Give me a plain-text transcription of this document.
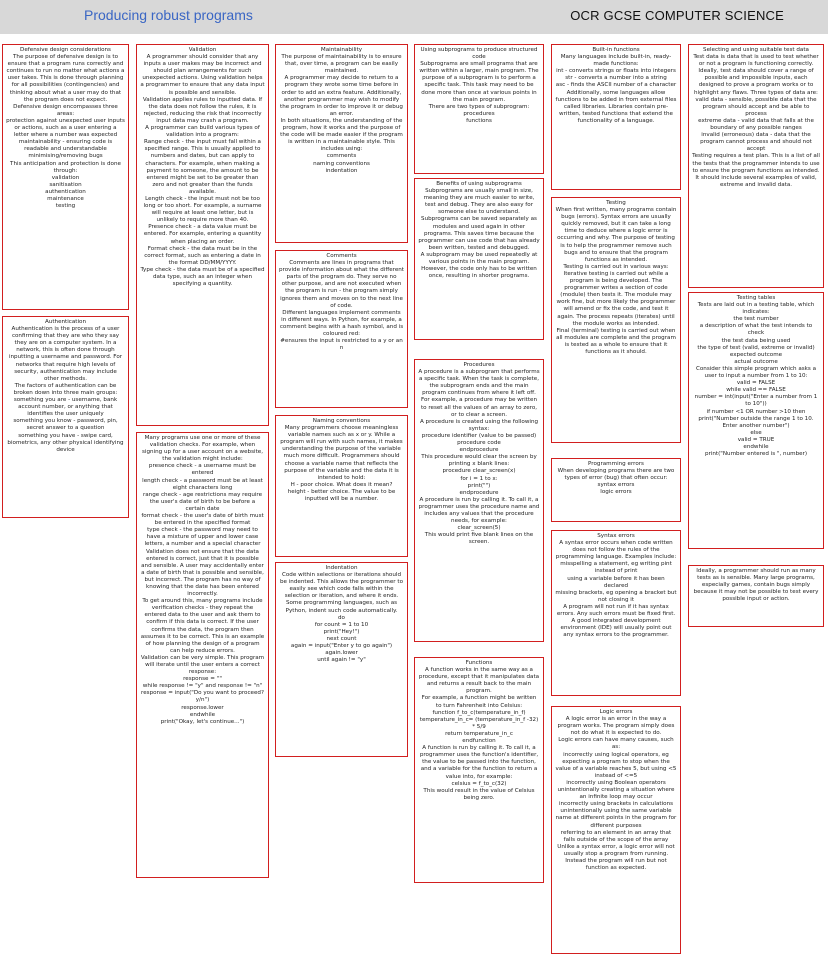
Producing robust programs	OCR GCSE COMPUTER SCIENCE
Defensive design considerations
The purpose of defensive design is to ensure that a program runs correctly and continues to run no matter what actions a user takes. This is done through planning for all possibilities (contingencies) and thinking about what a user may do that the program does not expect.
Defensive design encompasses three areas:
protection against unexpected user inputs or actions, such as a user entering a letter where a number was expected
maintainability - ensuring code is readable and understandable
minimising/removing bugs
This anticipation and protection is done through:
validation
sanitisation
authentication
maintenance
testing
Authentication
Authentication is the process of a user confirming that they are who they say they are on a computer system. In a network, this is often done through inputting a username and password. For networks that require high levels of security, authentication may include other methods.
The factors of authentication can be broken down into three main groups:
something you are - username, bank account number, or anything that identifies the user uniquely
something you know - password, pin, secret answer to a question
something you have - swipe card, biometrics, any other physical identifying device
Validation
A programmer should consider that any inputs a user makes may be incorrect and should plan arrangements for such unexpected actions. Using validation helps a programmer to ensure that any data input is possible and sensible.
Validation applies rules to inputted data. If the data does not follow the rules, it is rejected, reducing the risk that incorrectly input data may crash a program.
A programmer can build various types of validation into a program:
Range check - the input must fall within a specified range. This is usually applied to numbers and dates, but can apply to characters. For example, when making a payment to someone, the amount to be entered might be set to be greater than zero and not greater than the funds available.
Length check - the input must not be too long or too short. For example, a surname will require at least one letter, but is unlikely to require more than 40.
Presence check - a data value must be entered. For example, entering a quantity when placing an order.
Format check - the data must be in the correct format, such as entering a date in the format DD/MM/YYYY.
Type check - the data must be of a specified data type, such as an integer when specifying a quantity.
Many programs use one or more of these validation checks. For example, when signing up for a user account on a website, the validation might include:
presence check - a username must be entered
length check - a password must be at least eight characters long
range check - age restrictions may require the user's date of birth to be before a certain date
format check - the user's date of birth must be entered in the specified format
type check - the password may need to have a mixture of upper and lower case letters, a number and a special character
Validation does not ensure that the data entered is correct, just that it is possible and sensible. A user may accidentally enter a date of birth that is possible and sensible, but incorrect. The program has no way of knowing that the date has been entered incorrectly.
To get around this, many programs include verification checks - they repeat the entered data to the user and ask them to confirm if this data is correct. If the user confirms the data, the program then assumes it to be correct. This is an example of how planning the design of a program can help reduce errors.
Validation can be very simple. This program will iterate until the user enters a correct response:
response = ""
while response != "y" and response != "n"
response = input("Do you want to proceed? y/n")
response.lower
endwhile
print("Okay, let's continue...")
Maintainability
The purpose of maintainability is to ensure that, over time, a program can be easily maintained.
A programmer may decide to return to a program they wrote some time before in order to add an extra feature. Additionally, another programmer may wish to modify the program in order to improve it or debug an error.
In both situations, the understanding of the program, how it works and the purpose of the code will be made easier if the program is written in a maintainable style. This includes using:
comments
naming conventions
indentation
Comments
Comments are lines in programs that provide information about what the different parts of the program do. They serve no other purpose, and are not executed when the program is run - the program simply ignores them and moves on to the next line of code.
Different languages implement comments in different ways. In Python, for example, a comment begins with a hash symbol, and is coloured red:
#ensures the input is restricted to a y or an n
Naming conventions
Many programmers choose meaningless variable names such as x or y. While a program will run with such names, it makes understanding the purpose of the variable much more difficult. Programmers should choose a variable name that reflects the purpose of the variable and the data it is intended to hold:
H - poor choice. What does it mean?
height - better choice. The value to be inputted will be a number.
Indentation
Code within selections or iterations should be indented. This allows the programmer to easily see which code falls within the selection or iteration, and where it ends.
Some programming languages, such as Python, indent such code automatically.
do
for count = 1 to 10
print("Hey!")
next count
again = input("Enter y to go again")
again.lower
until again != "y"
Using subprograms to produce structured code
Subprograms are small programs that are written within a larger, main program. The purpose of a subprogram is to perform a specific task. This task may need to be done more than once at various points in the main program.
There are two types of subprogram:
procedures
functions
Benefits of using subprograms
Subprograms are usually small in size, meaning they are much easier to write, test and debug. They are also easy for someone else to understand.
Subprograms can be saved separately as modules and used again in other programs. This saves time because the programmer can use code that has already been written, tested and debugged.
A subprogram may be used repeatedly at various points in the main program. However, the code only has to be written once, resulting in shorter programs.
Procedures
A procedure is a subprogram that performs a specific task. When the task is complete, the subprogram ends and the main program continues from where it left off. For example, a procedure may be written to reset all the values of an array to zero, or to clear a screen.
A procedure is created using the following syntax:
procedure identifier (value to be passed)
procedure code
endprocedure
This procedure would clear the screen by printing x blank lines:
procedure clear_screen(x)
for i = 1 to x:
print("")
endprocedure
A procedure is run by calling it. To call it, a programmer uses the procedure name and includes any values that the procedure needs, for example:
clear_screen(5)
This would print five blank lines on the screen.
Functions
A function works in the same way as a procedure, except that it manipulates data and returns a result back to the main program.
For example, a function might be written to turn Fahrenheit into Celsius:
function f_to_c(temperature_in_f)
temperature_in_c= (temperature_in_f -32) * 5/9
return temperature_in_c
endfunction
A function is run by calling it. To call it, a programmer uses the function's identifier, the value to be passed into the function, and a variable for the function to return a value into, for example:
celsius = f_to_c(32)
This would result in the value of Celsius being zero.
Built-in functions
Many languages include built-in, ready-made functions:
int - converts strings or floats into integers
str - converts a number into a string
asc - finds the ASCII number of a character
Additionally, some languages allow functions to be added in from external files called libraries. Libraries contain pre-written, tested functions that extend the functionality of a language.
Testing
When first written, many programs contain bugs (errors). Syntax errors are usually quickly removed, but it can take a long time to deduce where a logic error is occurring and why. The purpose of testing is to help the programmer remove such bugs and to ensure that the program functions as intended.
Testing is carried out in various ways:
Iterative testing is carried out while a program is being developed. The programmer writes a section of code (module) then tests it. The module may work fine, but more likely the programmer will amend or fix the code, and test it again. The process repeats (iterates) until the module works as intended.
Final (terminal) testing is carried out when all modules are complete and the program is tested as a whole to ensure that it functions as it should.
Programming errors
When developing programs there are two types of error (bug) that often occur:
syntax errors
logic errors
Syntax errors
A syntax error occurs when code written does not follow the rules of the programming language. Examples include:
misspelling a statement, eg writing pint instead of print
using a variable before it has been declared
missing brackets, eg opening a bracket but not closing it
A program will not run if it has syntax errors. Any such errors must be fixed first. A good integrated development environment (IDE) will usually point out any syntax errors to the programmer.
Logic errors
A logic error is an error in the way a program works. The program simply does not do what it is expected to do.
Logic errors can have many causes, such as:
incorrectly using logical operators, eg expecting a program to stop when the value of a variable reaches 5, but using <5 instead of <=5
incorrectly using Boolean operators
unintentionally creating a situation where an infinite loop may occur
incorrectly using brackets in calculations
unintentionally using the same variable name at different points in the program for different purposes
referring to an element in an array that falls outside of the scope of the array
Unlike a syntax error, a logic error will not usually stop a program from running. Instead the program will run but not function as expected.
Selecting and using suitable test data
Test data is data that is used to test whether or not a program is functioning correctly. Ideally, test data should cover a range of possible and impossible inputs, each designed to prove a program works or to highlight any flaws. Three types of data are:
valid data - sensible, possible data that the program should accept and be able to process
extreme data - valid data that falls at the boundary of any possible ranges
invalid (erroneous) data - data that the program cannot process and should not accept
Testing requires a test plan. This is a list of all the tests that the programmer intends to use to ensure the program functions as intended. It should include several examples of valid, extreme and invalid data.
Testing tables
Tests are laid out in a testing table, which indicates:
the test number
a description of what the test intends to check
the test data being used
the type of test (valid, extreme or invalid)
expected outcome
actual outcome
Consider this simple program which asks a user to input a number from 1 to 10:
valid = FALSE
while valid == FALSE
number = int(input("Enter a number from 1 to 10"))
if number <1 OR number >10 then
print("Number outside the range 1 to 10. Enter another number")
else
valid = TRUE
endwhile
print("Number entered is ", number)
Ideally, a programmer should run as many tests as is sensible. Many large programs, especially games, contain bugs simply because it may not be possible to test every possible input or action.
